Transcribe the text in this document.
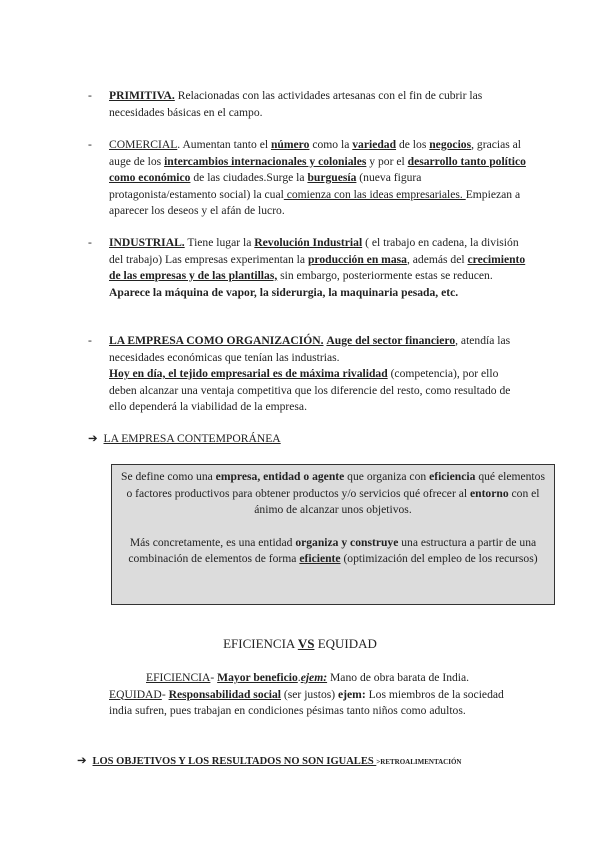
- PRIMITIVA. Relacionadas con las actividades artesanas con el fin de cubrir las necesidades básicas en el campo.
- COMERCIAL. Aumentan tanto el número como la variedad de los negocios, gracias al auge de los intercambios internacionales y coloniales y por el desarrollo tanto político como económico de las ciudades.Surge la burguesía (nueva figura protagonista/estamento social) la cual comienza con las ideas empresariales. Empiezan a aparecer los deseos y el afán de lucro.
- INDUSTRIAL. Tiene lugar la Revolución Industrial ( el trabajo en cadena, la división del trabajo) Las empresas experimentan la producción en masa, además del crecimiento de las empresas y de las plantillas, sin embargo, posteriormente estas se reducen.
Aparece la máquina de vapor, la siderurgia, la maquinaria pesada, etc.
- LA EMPRESA COMO ORGANIZACIÓN. Auge del sector financiero, atendía las necesidades económicas que tenían las industrias.
Hoy en día, el tejido empresarial es de máxima rivalidad (competencia), por ello deben alcanzar una ventaja competitiva que los diferencie del resto, como resultado de ello dependerá la viabilidad de la empresa.
➔ LA EMPRESA CONTEMPORÁNEA

Se define como una empresa, entidad o agente que organiza con eficiencia qué elementos o factores productivos para obtener productos y/o servicios qué ofrecer al entorno con el ánimo de alcanzar unos objetivos.

Más concretamente, es una entidad organiza y construye una estructura a partir de una combinación de elementos de forma eficiente (optimización del empleo de los recursos)

EFICIENCIA VS EQUIDAD
EFICIENCIA- Mayor beneficio.ejem: Mano de obra barata de India.
EQUIDAD- Responsabilidad social (ser justos) ejem: Los miembros de la sociedad india sufren, pues trabajan en condiciones pésimas tanto niños como adultos.
➔ LOS OBJETIVOS Y LOS RESULTADOS NO SON IGUALES >RETROALIMENTACIÓN
